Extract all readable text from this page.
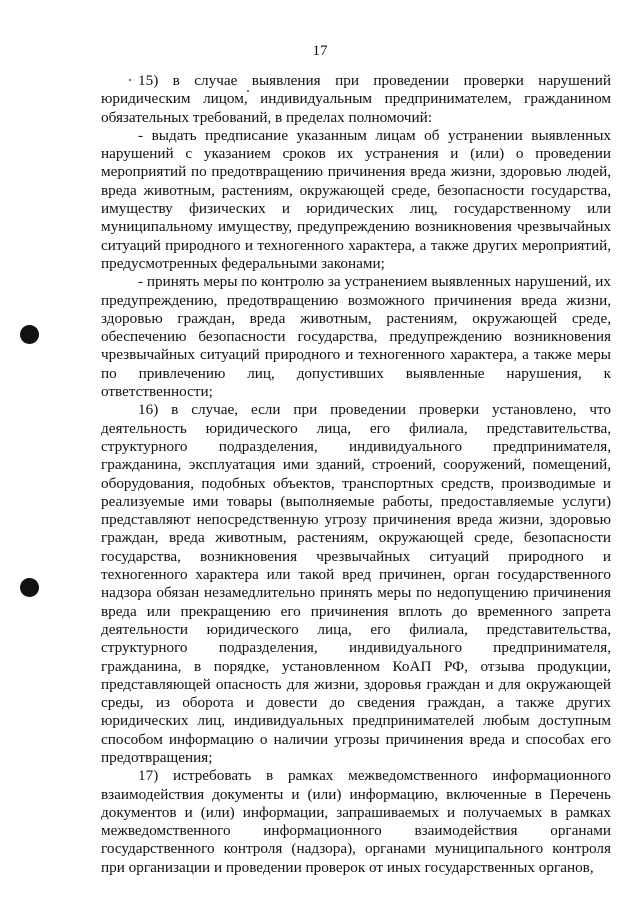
17

15) в случае выявления при проведении проверки нарушений юридическим лицом, индивидуальным предпринимателем, гражданином обязательных требований, в пределах полномочий:

- выдать предписание указанным лицам об устранении выявленных нарушений с указанием сроков их устранения и (или) о проведении мероприятий по предотвращению причинения вреда жизни, здоровью людей, вреда животным, растениям, окружающей среде, безопасности государства, имуществу физических и юридических лиц, государственному или муниципальному имуществу, предупреждению возникновения чрезвычайных ситуаций природного и техногенного характера, а также других мероприятий, предусмотренных федеральными законами;

- принять меры по контролю за устранением выявленных нарушений, их предупреждению, предотвращению возможного причинения вреда жизни, здоровью граждан, вреда животным, растениям, окружающей среде, обеспечению безопасности государства, предупреждению возникновения чрезвычайных ситуаций природного и техногенного характера, а также меры по привлечению лиц, допустивших выявленные нарушения, к ответственности;

16) в случае, если при проведении проверки установлено, что деятельность юридического лица, его филиала, представительства, структурного подразделения, индивидуального предпринимателя, гражданина, эксплуатация ими зданий, строений, сооружений, помещений, оборудования, подобных объектов, транспортных средств, производимые и реализуемые ими товары (выполняемые работы, предоставляемые услуги) представляют непосредственную угрозу причинения вреда жизни, здоровью граждан, вреда животным, растениям, окружающей среде, безопасности государства, возникновения чрезвычайных ситуаций природного и техногенного характера или такой вред причинен, орган государственного надзора обязан незамедлительно принять меры по недопущению причинения вреда или прекращению его причинения вплоть до временного запрета деятельности юридического лица, его филиала, представительства, структурного подразделения, индивидуального предпринимателя, гражданина, в порядке, установленном КоАП РФ, отзыва продукции, представляющей опасность для жизни, здоровья граждан и для окружающей среды, из оборота и довести до сведения граждан, а также других юридических лиц, индивидуальных предпринимателей любым доступным способом информацию о наличии угрозы причинения вреда и способах его предотвращения;

17) истребовать в рамках межведомственного информационного взаимодействия документы и (или) информацию, включенные в Перечень документов и (или) информации, запрашиваемых и получаемых в рамках межведомственного информационного взаимодействия органами государственного контроля (надзора), органами муниципального контроля при организации и проведении проверок от иных государственных органов,
